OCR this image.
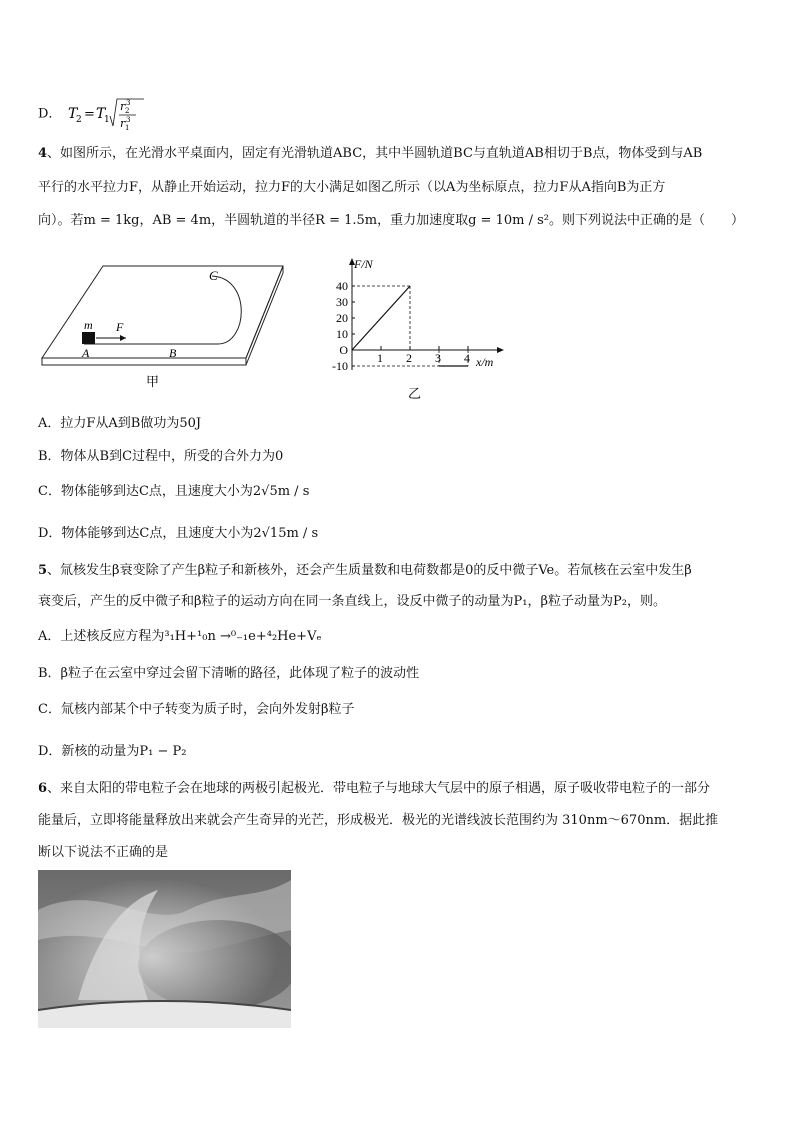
D． T
2 = T
1
r 2
3
r 1
3
4、如图所示，在光滑水平桌面内，固定有光滑轨道ABC，其中半圆轨道BC与直轨道AB相切于B点，物体受到与AB
平行的水平拉力F，从静止开始运动，拉力F的大小满足如图乙所示（以A为坐标原点，拉力F从A指向B为正方
向）。若m = 1kg，AB = 4m，半圆轨道的半径R = 1.5m，重力加速度取g = 10m / s²。则下列说法中正确的是（　　）
C
m F
A	B
甲
F/N
x/m
乙
40
30
20
10
O
-10
1 2 3 4
A．拉力F从A到B做功为50J
B．物体从B到C过程中，所受的合外力为0
C．物体能够到达C点，且速度大小为2√5m / s
D．物体能够到达C点，且速度大小为2√15m / s
5、氚核发生β衰变除了产生β粒子和新核外，还会产生质量数和电荷数都是0的反中微子Ve。若氚核在云室中发生β
衰变后，产生的反中微子和β粒子的运动方向在同一条直线上，设反中微子的动量为P₁，β粒子动量为P₂，则。
A．上述核反应方程为³₁H+¹₀n →⁰₋₁e+⁴₂He+Vₑ
B．β粒子在云室中穿过会留下清晰的路径，此体现了粒子的波动性
C．氚核内部某个中子转变为质子时，会向外发射β粒子
D．新核的动量为P₁ − P₂
6、来自太阳的带电粒子会在地球的两极引起极光．带电粒子与地球大气层中的原子相遇，原子吸收带电粒子的一部分
能量后，立即将能量释放出来就会产生奇异的光芒，形成极光．极光的光谱线波长范围约为 310nm～670nm．据此推
断以下说法不正确的是
